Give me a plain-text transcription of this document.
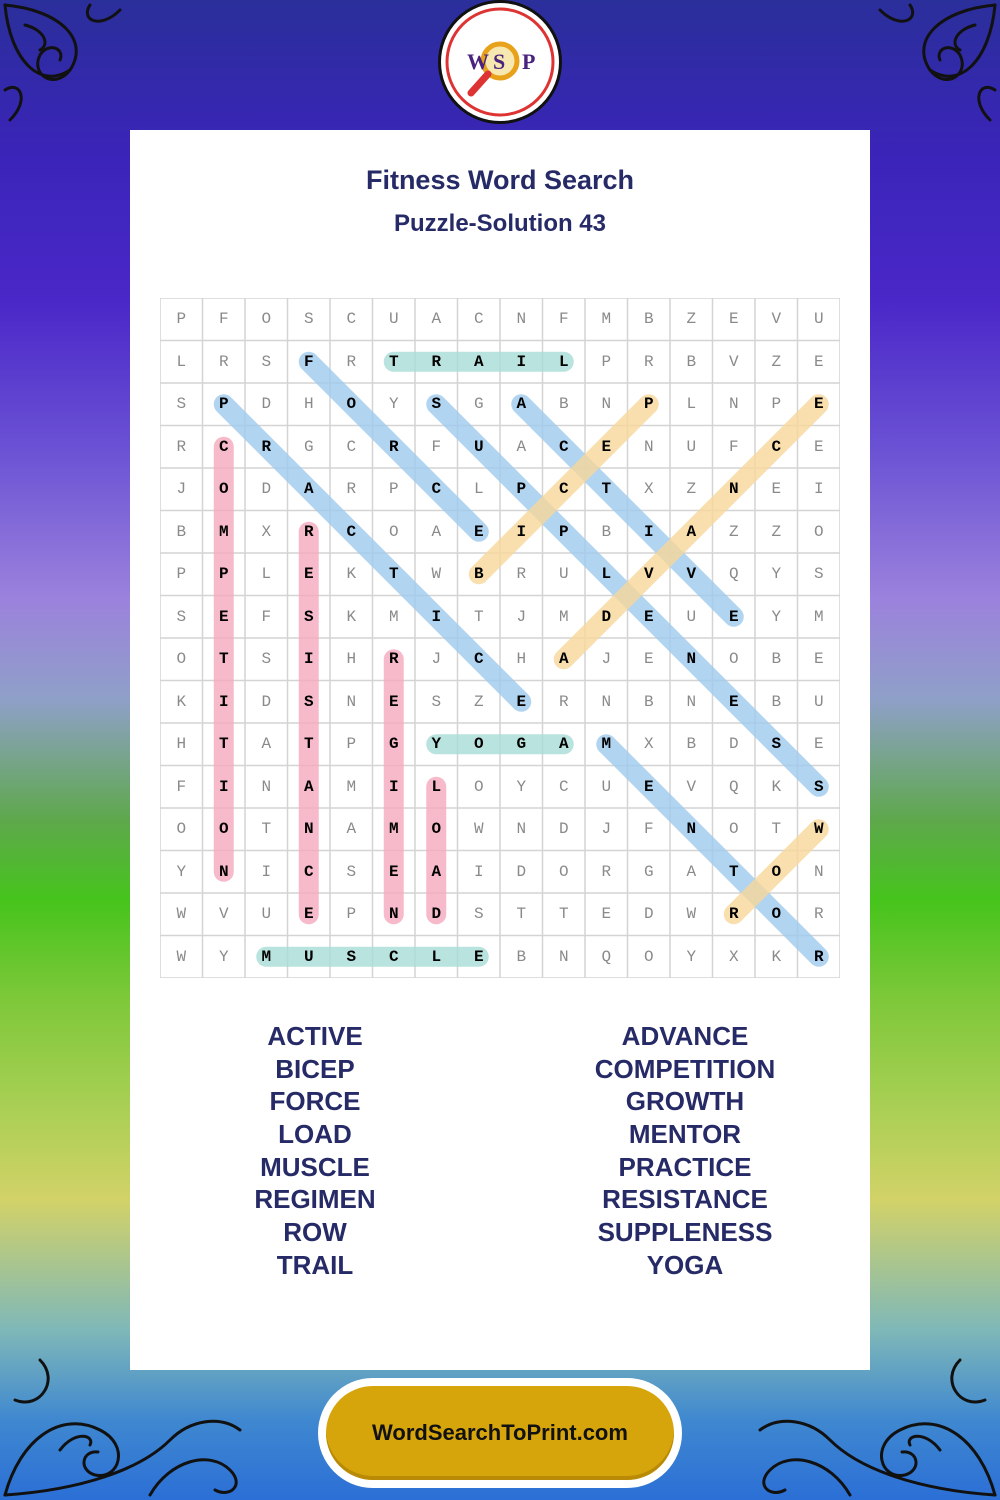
W S P
Fitness Word Search
Puzzle-Solution 43
P	F	O	S	C	U	A	C	N	F	M	B	Z	E	V	U
L	R	S	F	R	T	R	A	I	L	P	R	B	V	Z	E
S	P	D	H	O	Y	S	G	A	B	N	P	L	N	P	E
R	C	R	G	C	R	F	U	A	C	E	N	U	F	C	E
J	O	D	A	R	P	C	L	P	C	T	X	Z	N	E	I
B	M	X	R	C	O	A	E	I	P	B	I	A	Z	Z	O
P	P	L	E	K	T	W	B	R	U	L	V	V	Q	Y	S
S	E	F	S	K	M	I	T	J	M	D	E	U	E	Y	M
O	T	S	I	H	R	J	C	H	A	J	E	N	O	B	E
K	I	D	S	N	E	S	Z	E	R	N	B	N	E	B	U
H	T	A	T	P	G	Y	O	G	A	M	X	B	D	S	E
F	I	N	A	M	I	L	O	Y	C	U	E	V	Q	K	S
O	O	T	N	A	M	O	W	N	D	J	F	N	O	T	W
Y	N	I	C	S	E	A	I	D	O	R	G	A	T	O	N
W	V	U	E	P	N	D	S	T	T	E	D	W	R	O	R
W	Y	M	U	S	C	L	E	B	N	Q	O	Y	X	K	R
ACTIVE
BICEP
FORCE
LOAD
MUSCLE
REGIMEN
ROW
TRAIL
ADVANCE
COMPETITION
GROWTH
MENTOR
PRACTICE
RESISTANCE
SUPPLENESS
YOGA
WordSearchToPrint.com
